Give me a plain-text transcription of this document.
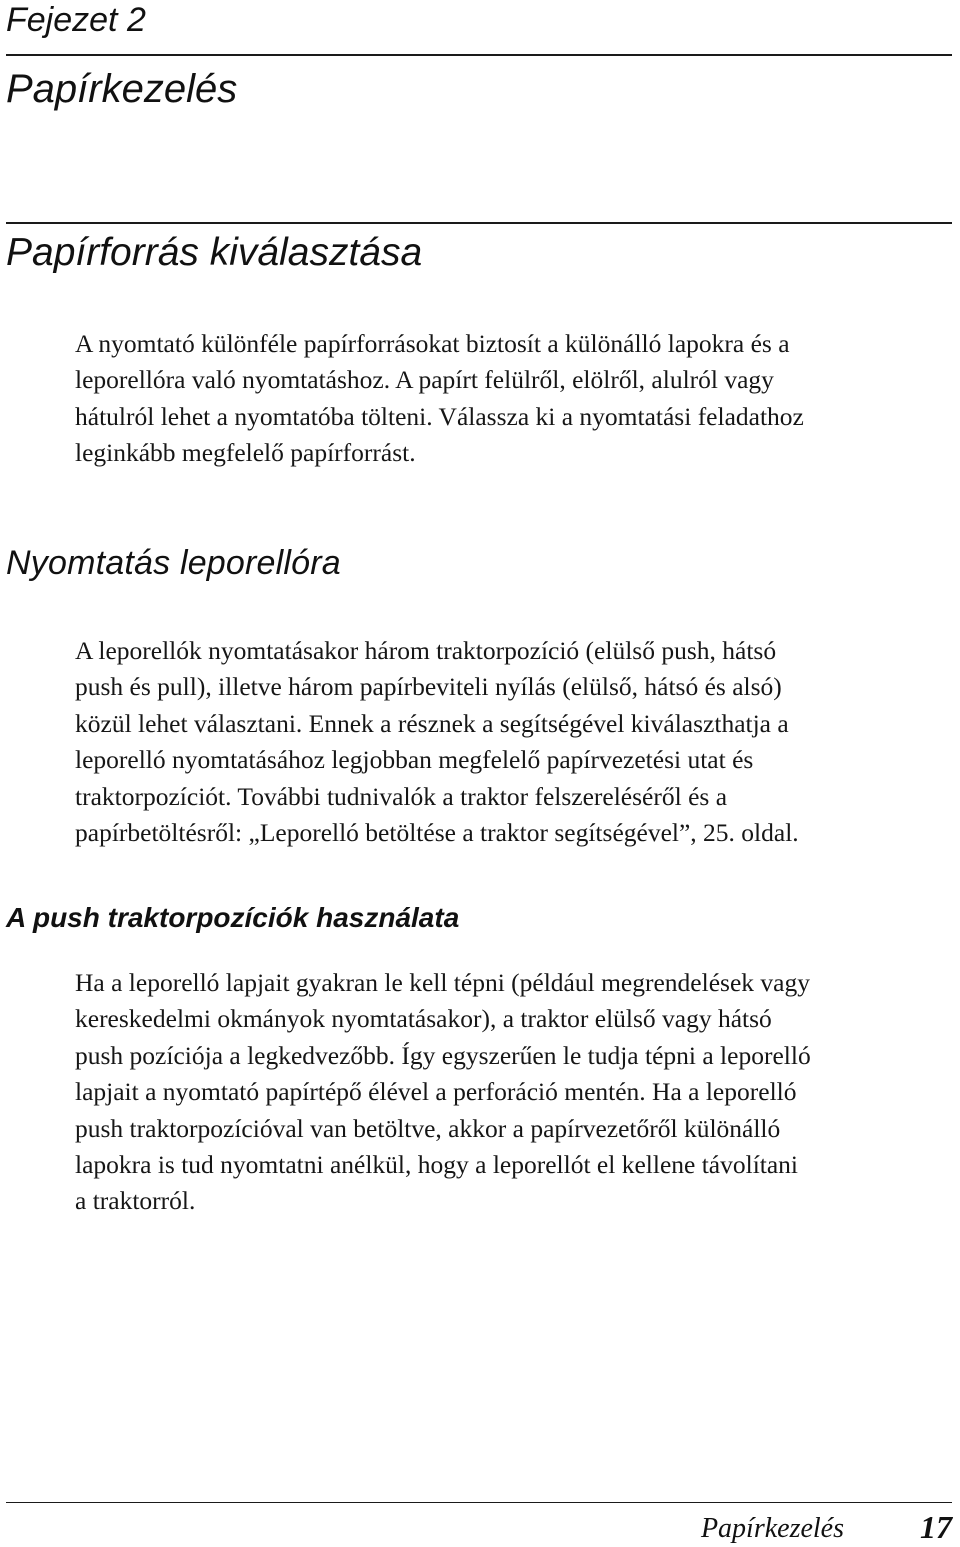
Fejezet 2
Papírkezelés
Papírforrás kiválasztása

A nyomtató különféle papírforrásokat biztosít a különálló lapokra és a
leporellóra való nyomtatáshoz. A papírt felülről, elölről, alulról vagy
hátulról lehet a nyomtatóba tölteni. Válassza ki a nyomtatási feladathoz
leginkább megfelelő papírforrást.

Nyomtatás leporellóra

A leporellók nyomtatásakor három traktorpozíció (elülső push, hátsó
push és pull), illetve három papírbeviteli nyílás (elülső, hátsó és alsó)
közül lehet választani. Ennek a résznek a segítségével kiválaszthatja a
leporelló nyomtatásához legjobban megfelelő papírvezetési utat és
traktorpozíciót. További tudnivalók a traktor felszereléséről és a
papírbetöltésről: „Leporelló betöltése a traktor segítségével”, 25. oldal.

A push traktorpozíciók használata

Ha a leporelló lapjait gyakran le kell tépni (például megrendelések vagy
kereskedelmi okmányok nyomtatásakor), a traktor elülső vagy hátsó
push pozíciója a legkedvezőbb. Így egyszerűen le tudja tépni a leporelló
lapjait a nyomtató papírtépő élével a perforáció mentén. Ha a leporelló
push traktorpozícióval van betöltve, akkor a papírvezetőről különálló
lapokra is tud nyomtatni anélkül, hogy a leporellót el kellene távolítani
a traktorról.

Papírkezelés 17
